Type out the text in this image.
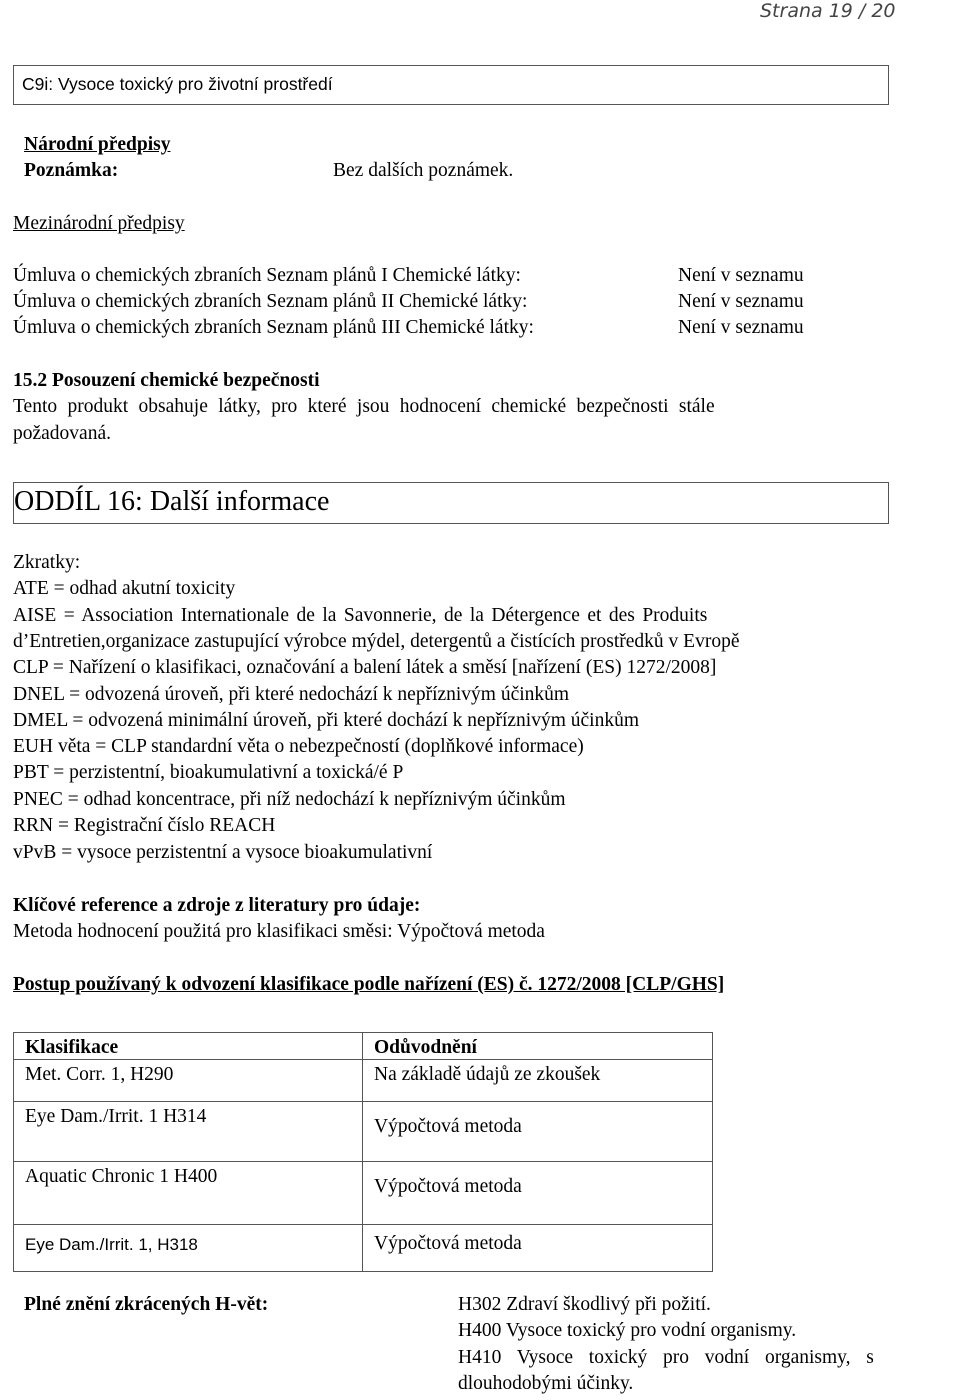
Strana 19 / 20
C9i: Vysoce toxický pro životní prostředí
Národní předpisy
Poznámka:	Bez dalších poznámek.
Mezinárodní předpisy
Úmluva o chemických zbraních Seznam plánů I Chemické látky:	Není v seznamu
Úmluva o chemických zbraních Seznam plánů II Chemické látky:	Není v seznamu
Úmluva o chemických zbraních Seznam plánů III Chemické látky:	Není v seznamu
15.2 Posouzení chemické bezpečnosti
Tento produkt obsahuje látky, pro které jsou hodnocení chemické bezpečnosti stále
požadovaná.
ODDÍL 16: Další informace
Zkratky:
ATE = odhad akutní toxicity
AISE = Association Internationale de la Savonnerie, de la Détergence et des Produits
d’Entretien,organizace zastupující výrobce mýdel, detergentů a čistících prostředků v Evropě
CLP = Nařízení o klasifikaci, označování a balení látek a směsí [nařízení (ES) 1272/2008]
DNEL = odvozená úroveň, při které nedochází k nepříznivým účinkům
DMEL = odvozená minimální úroveň, při které dochází k nepříznivým účinkům
EUH věta = CLP standardní věta o nebezpečností (doplňkové informace)
PBT = perzistentní, bioakumulativní a toxická/é P
PNEC = odhad koncentrace, při níž nedochází k nepříznivým účinkům
RRN = Registrační číslo REACH
vPvB = vysoce perzistentní a vysoce bioakumulativní
Klíčové reference a zdroje z literatury pro údaje:
Metoda hodnocení použitá pro klasifikaci směsi: Výpočtová metoda
Postup používaný k odvození klasifikace podle nařízení (ES) č. 1272/2008 [CLP/GHS]
Klasifikace	Odůvodnění
Met. Corr. 1, H290	Na základě údajů ze zkoušek
Eye Dam./Irrit. 1 H314	Výpočtová metoda
Aquatic Chronic 1 H400	Výpočtová metoda
Eye Dam./Irrit. 1, H318	Výpočtová metoda
Plné znění zkrácených H-vět:	H302 Zdraví škodlivý při požití.
H400 Vysoce toxický pro vodní organismy.
H410  Vysoce  toxický  pro  vodní  organismy,  s
dlouhodobými účinky.
